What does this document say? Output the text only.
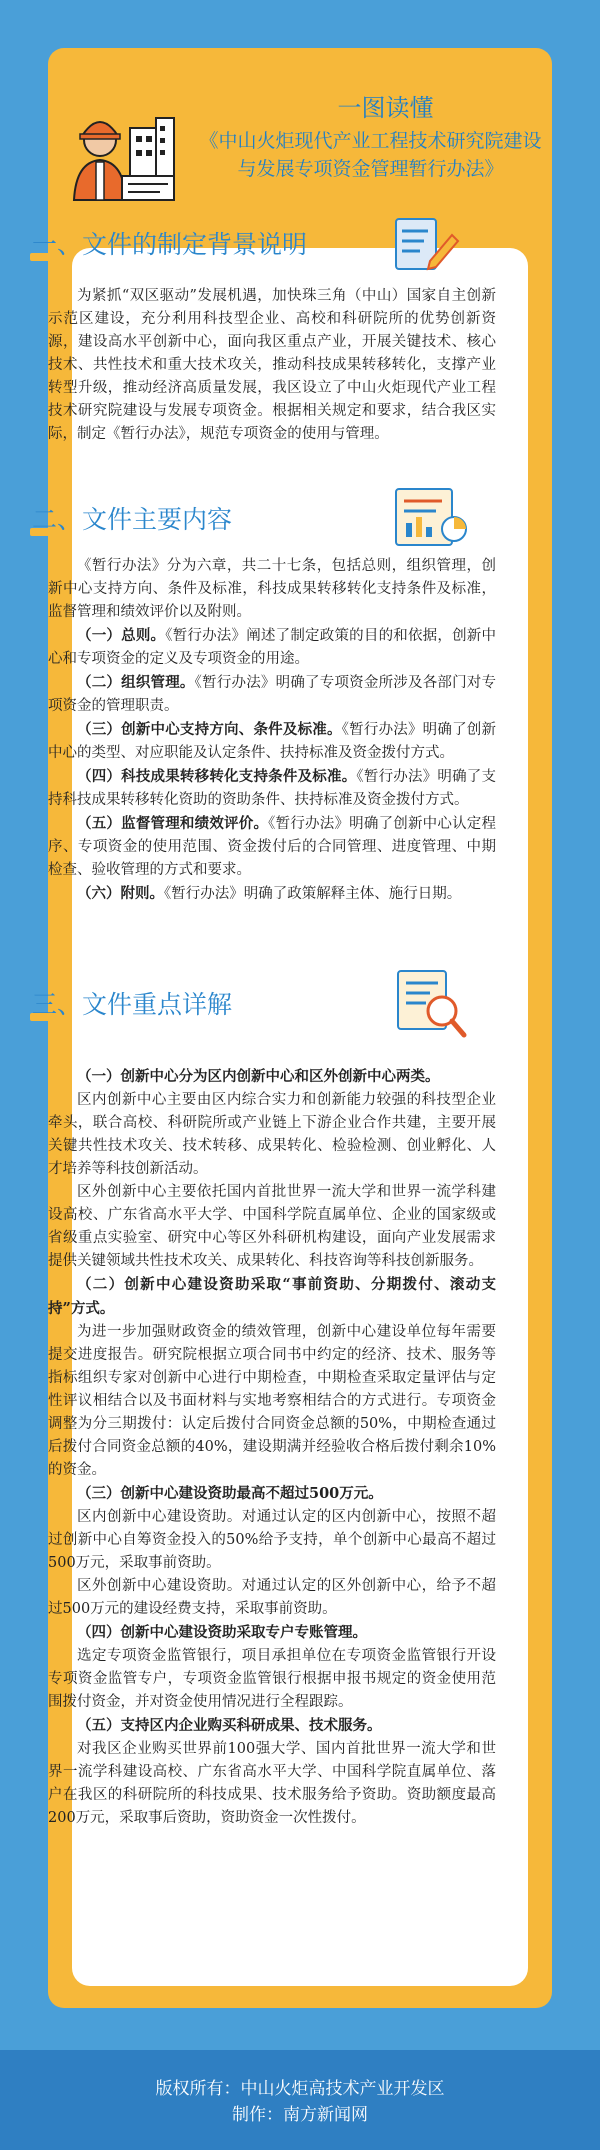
一图读懂
《中山火炬现代产业工程技术研究院建设与发展专项资金管理暂行办法》
一、文件的制定背景说明

为紧抓“双区驱动”发展机遇，加快珠三角（中山）国家自主创新示范区建设，充分利用科技型企业、高校和科研院所的优势创新资源，建设高水平创新中心，面向我区重点产业，开展关键技术、核心技术、共性技术和重大技术攻关，推动科技成果转移转化，支撑产业转型升级，推动经济高质量发展，我区设立了中山火炬现代产业工程技术研究院建设与发展专项资金。根据相关规定和要求，结合我区实际，制定《暂行办法》，规范专项资金的使用与管理。

二、文件主要内容

《暂行办法》分为六章，共二十七条，包括总则，组织管理，创新中心支持方向、条件及标准，科技成果转移转化支持条件及标准，监督管理和绩效评价以及附则。

（一）总则。《暂行办法》阐述了制定政策的目的和依据，创新中心和专项资金的定义及专项资金的用途。

（二）组织管理。《暂行办法》明确了专项资金所涉及各部门对专项资金的管理职责。

（三）创新中心支持方向、条件及标准。《暂行办法》明确了创新中心的类型、对应职能及认定条件、扶持标准及资金拨付方式。

（四）科技成果转移转化支持条件及标准。《暂行办法》明确了支持科技成果转移转化资助的资助条件、扶持标准及资金拨付方式。

（五）监督管理和绩效评价。《暂行办法》明确了创新中心认定程序、专项资金的使用范围、资金拨付后的合同管理、进度管理、中期检查、验收管理的方式和要求。

（六）附则。《暂行办法》明确了政策解释主体、施行日期。

三、文件重点详解

（一）创新中心分为区内创新中心和区外创新中心两类。

区内创新中心主要由区内综合实力和创新能力较强的科技型企业牵头，联合高校、科研院所或产业链上下游企业合作共建，主要开展关键共性技术攻关、技术转移、成果转化、检验检测、创业孵化、人才培养等科技创新活动。

区外创新中心主要依托国内首批世界一流大学和世界一流学科建设高校、广东省高水平大学、中国科学院直属单位、企业的国家级或省级重点实验室、研究中心等区外科研机构建设，面向产业发展需求提供关键领域共性技术攻关、成果转化、科技咨询等科技创新服务。

（二）创新中心建设资助采取“事前资助、分期拨付、滚动支持”方式。

为进一步加强财政资金的绩效管理，创新中心建设单位每年需要提交进度报告。研究院根据立项合同书中约定的经济、技术、服务等指标组织专家对创新中心进行中期检查，中期检查采取定量评估与定性评议相结合以及书面材料与实地考察相结合的方式进行。专项资金调整为分三期拨付：认定后拨付合同资金总额的50%，中期检查通过后拨付合同资金总额的40%，建设期满并经验收合格后拨付剩余10%的资金。

（三）创新中心建设资助最高不超过500万元。

区内创新中心建设资助。对通过认定的区内创新中心，按照不超过创新中心自筹资金投入的50%给予支持，单个创新中心最高不超过500万元，采取事前资助。

区外创新中心建设资助。对通过认定的区外创新中心，给予不超过500万元的建设经费支持，采取事前资助。

（四）创新中心建设资助采取专户专账管理。

选定专项资金监管银行，项目承担单位在专项资金监管银行开设专项资金监管专户，专项资金监管银行根据申报书规定的资金使用范围拨付资金，并对资金使用情况进行全程跟踪。

（五）支持区内企业购买科研成果、技术服务。

对我区企业购买世界前100强大学、国内首批世界一流大学和世界一流学科建设高校、广东省高水平大学、中国科学院直属单位、落户在我区的科研院所的科技成果、技术服务给予资助。资助额度最高200万元，采取事后资助，资助资金一次性拨付。

版权所有：中山火炬高技术产业开发区
制作：南方新闻网
